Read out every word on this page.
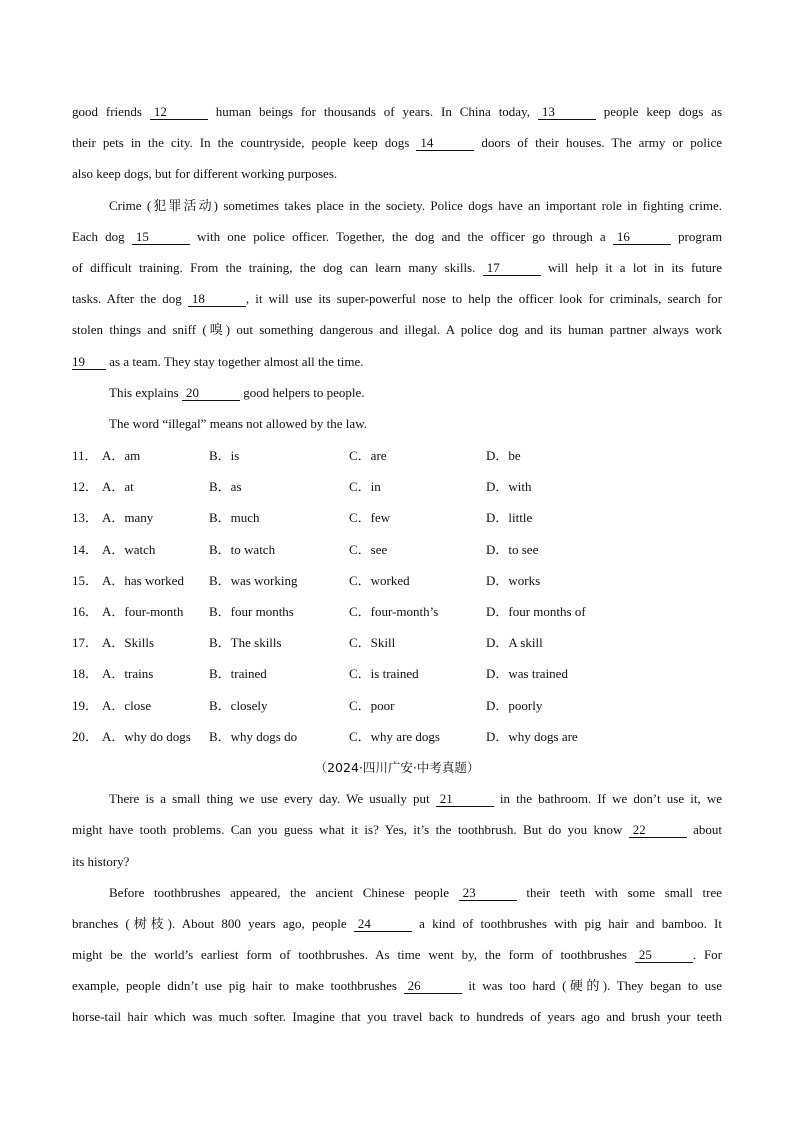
good friends 12	human beings for thousands of years. In China today, 13	people keep dogs as
their pets in the city. In the countryside, people keep dogs 14	doors of their houses. The army or police
also keep dogs, but for different working purposes.
Crime (犯罪活动) sometimes takes place in the society. Police dogs have an important role in fighting crime.
Each dog 15	with one police officer. Together, the dog and the officer go through a 16	program
of difficult training. From the training, the dog can learn many skills. 17	will help it a lot in its future
tasks. After the dog 18	, it will use its super-powerful nose to help the officer look for criminals, search for
stolen things and sniff (嗅) out something dangerous and illegal. A police dog and its human partner always work
19 as a team. They stay together almost all the time.
This explains 20	good helpers to people.
The word “illegal” means not allowed by the law.
11． A．am	B．is	C．are	D．be
12． A．at	B．as	C．in	D．with
13． A．many	B．much	C．few	D．little
14． A．watch	B．to watch	C．see	D．to see
15． A．has worked B．was working	C．worked	D．works
16． A．four-month B．four months	C．four-month’s	D．four months of
17． A．Skills	B．The skills	C．Skill	D．A skill
18． A．trains	B．trained	C．is trained	D．was trained
19． A．close	B．closely	C．poor	D．poorly
20． A．why do dogs B．why dogs do	C．why are dogs	D．why dogs are
（2024·四川广安·中考真题）
There is a small thing we use every day. We usually put 21	in the bathroom. If we don’t use it, we
might have tooth problems. Can you guess what it is? Yes, it’s the toothbrush. But do you know 22	about
its history?
Before toothbrushes appeared, the ancient Chinese people 23	their teeth with some small tree
branches (树枝). About 800 years ago, people 24	a kind of toothbrushes with pig hair and bamboo. It
might be the world’s earliest form of toothbrushes. As time went by, the form of toothbrushes 25	. For
example, people didn’t use pig hair to make toothbrushes 26	it was too hard (硬的). They began to use
horse-tail hair which was much softer. Imagine that you travel back to hundreds of years ago and brush your teeth
